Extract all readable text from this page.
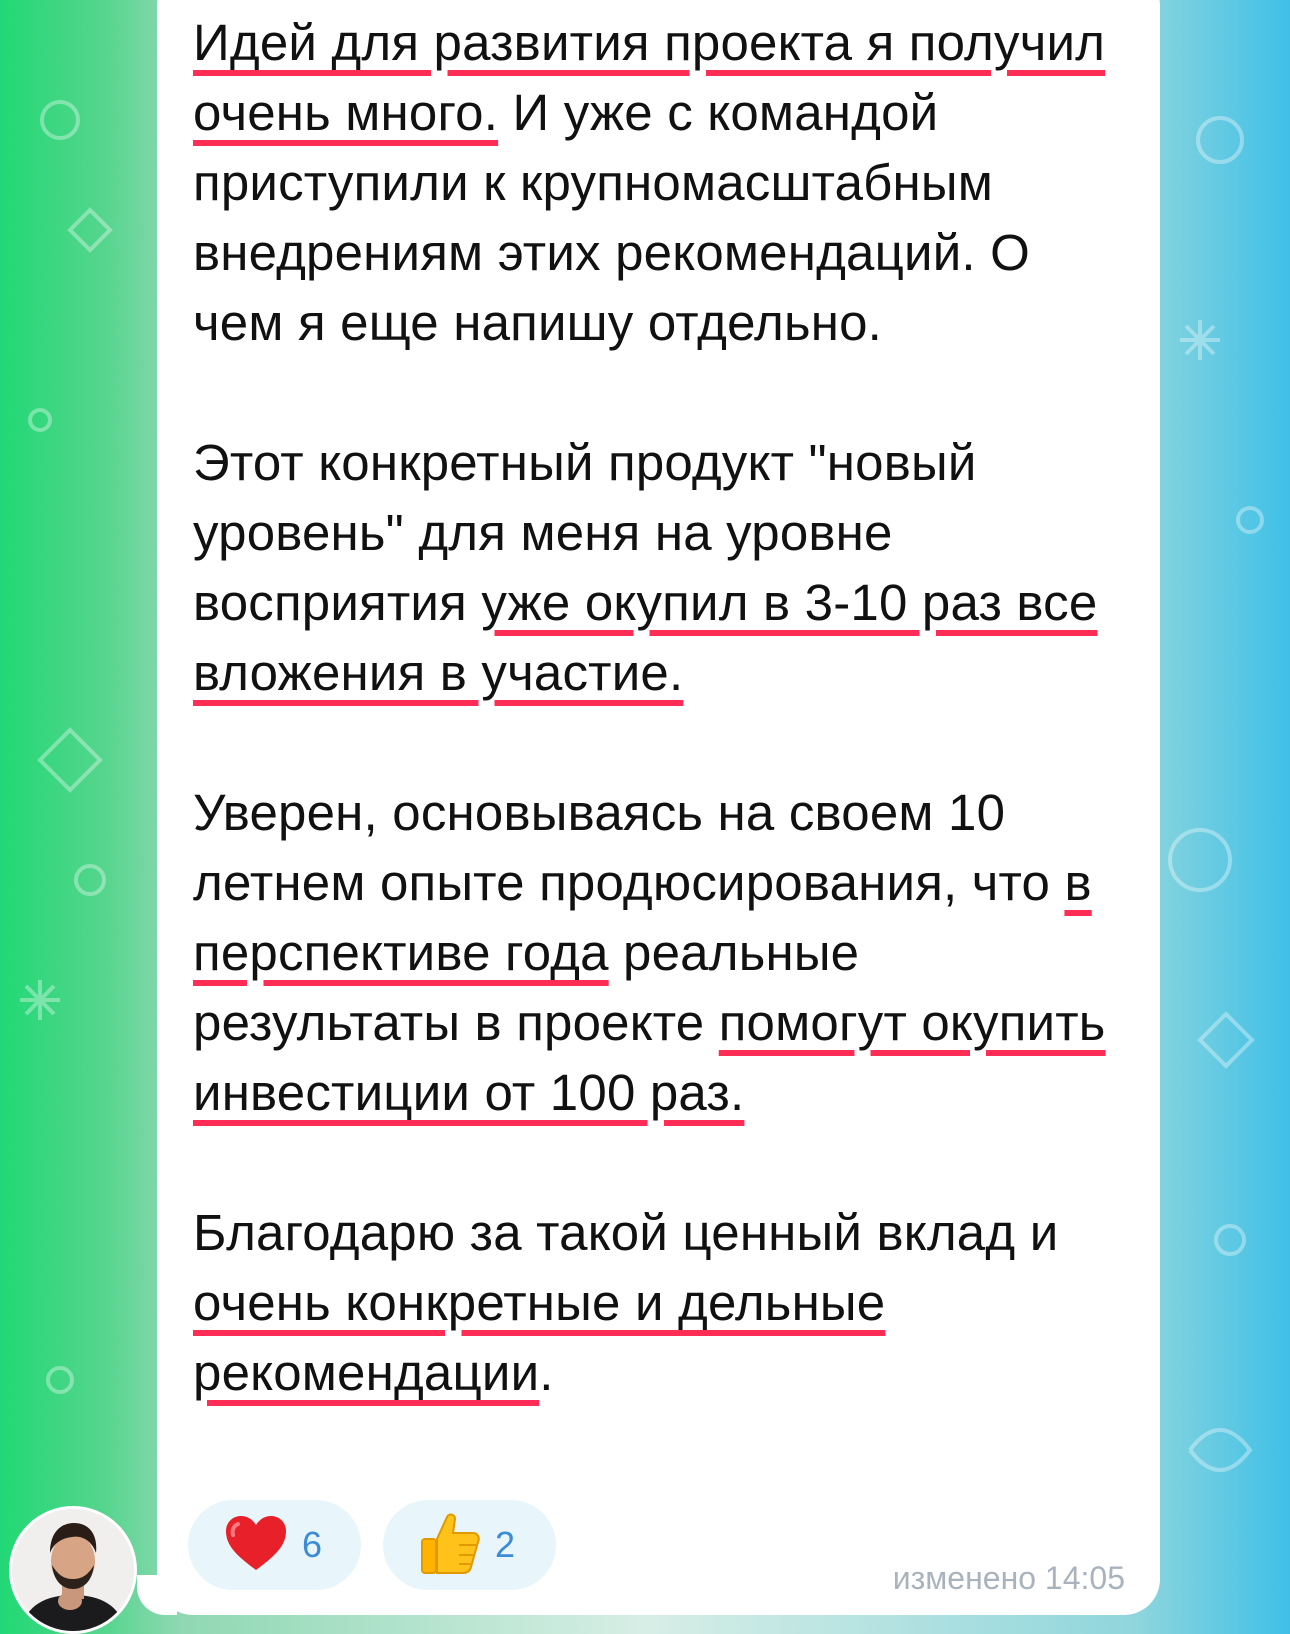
Идей для развития проекта я получил очень много. И уже с командой приступили к крупномасштабным внедрениям этих рекомендаций. О чем я еще напишу отдельно.

Этот конкретный продукт "новый уровень" для меня на уровне восприятия уже окупил в 3-10 раз все вложения в участие.

Уверен, основываясь на своем 10 летнем опыте продюсирования, что в перспективе года реальные результаты в проекте помогут окупить инвестиции от 100 раз.

Благодарю за такой ценный вклад и очень конкретные и дельные рекомендации.

6	2
изменено 14:05
